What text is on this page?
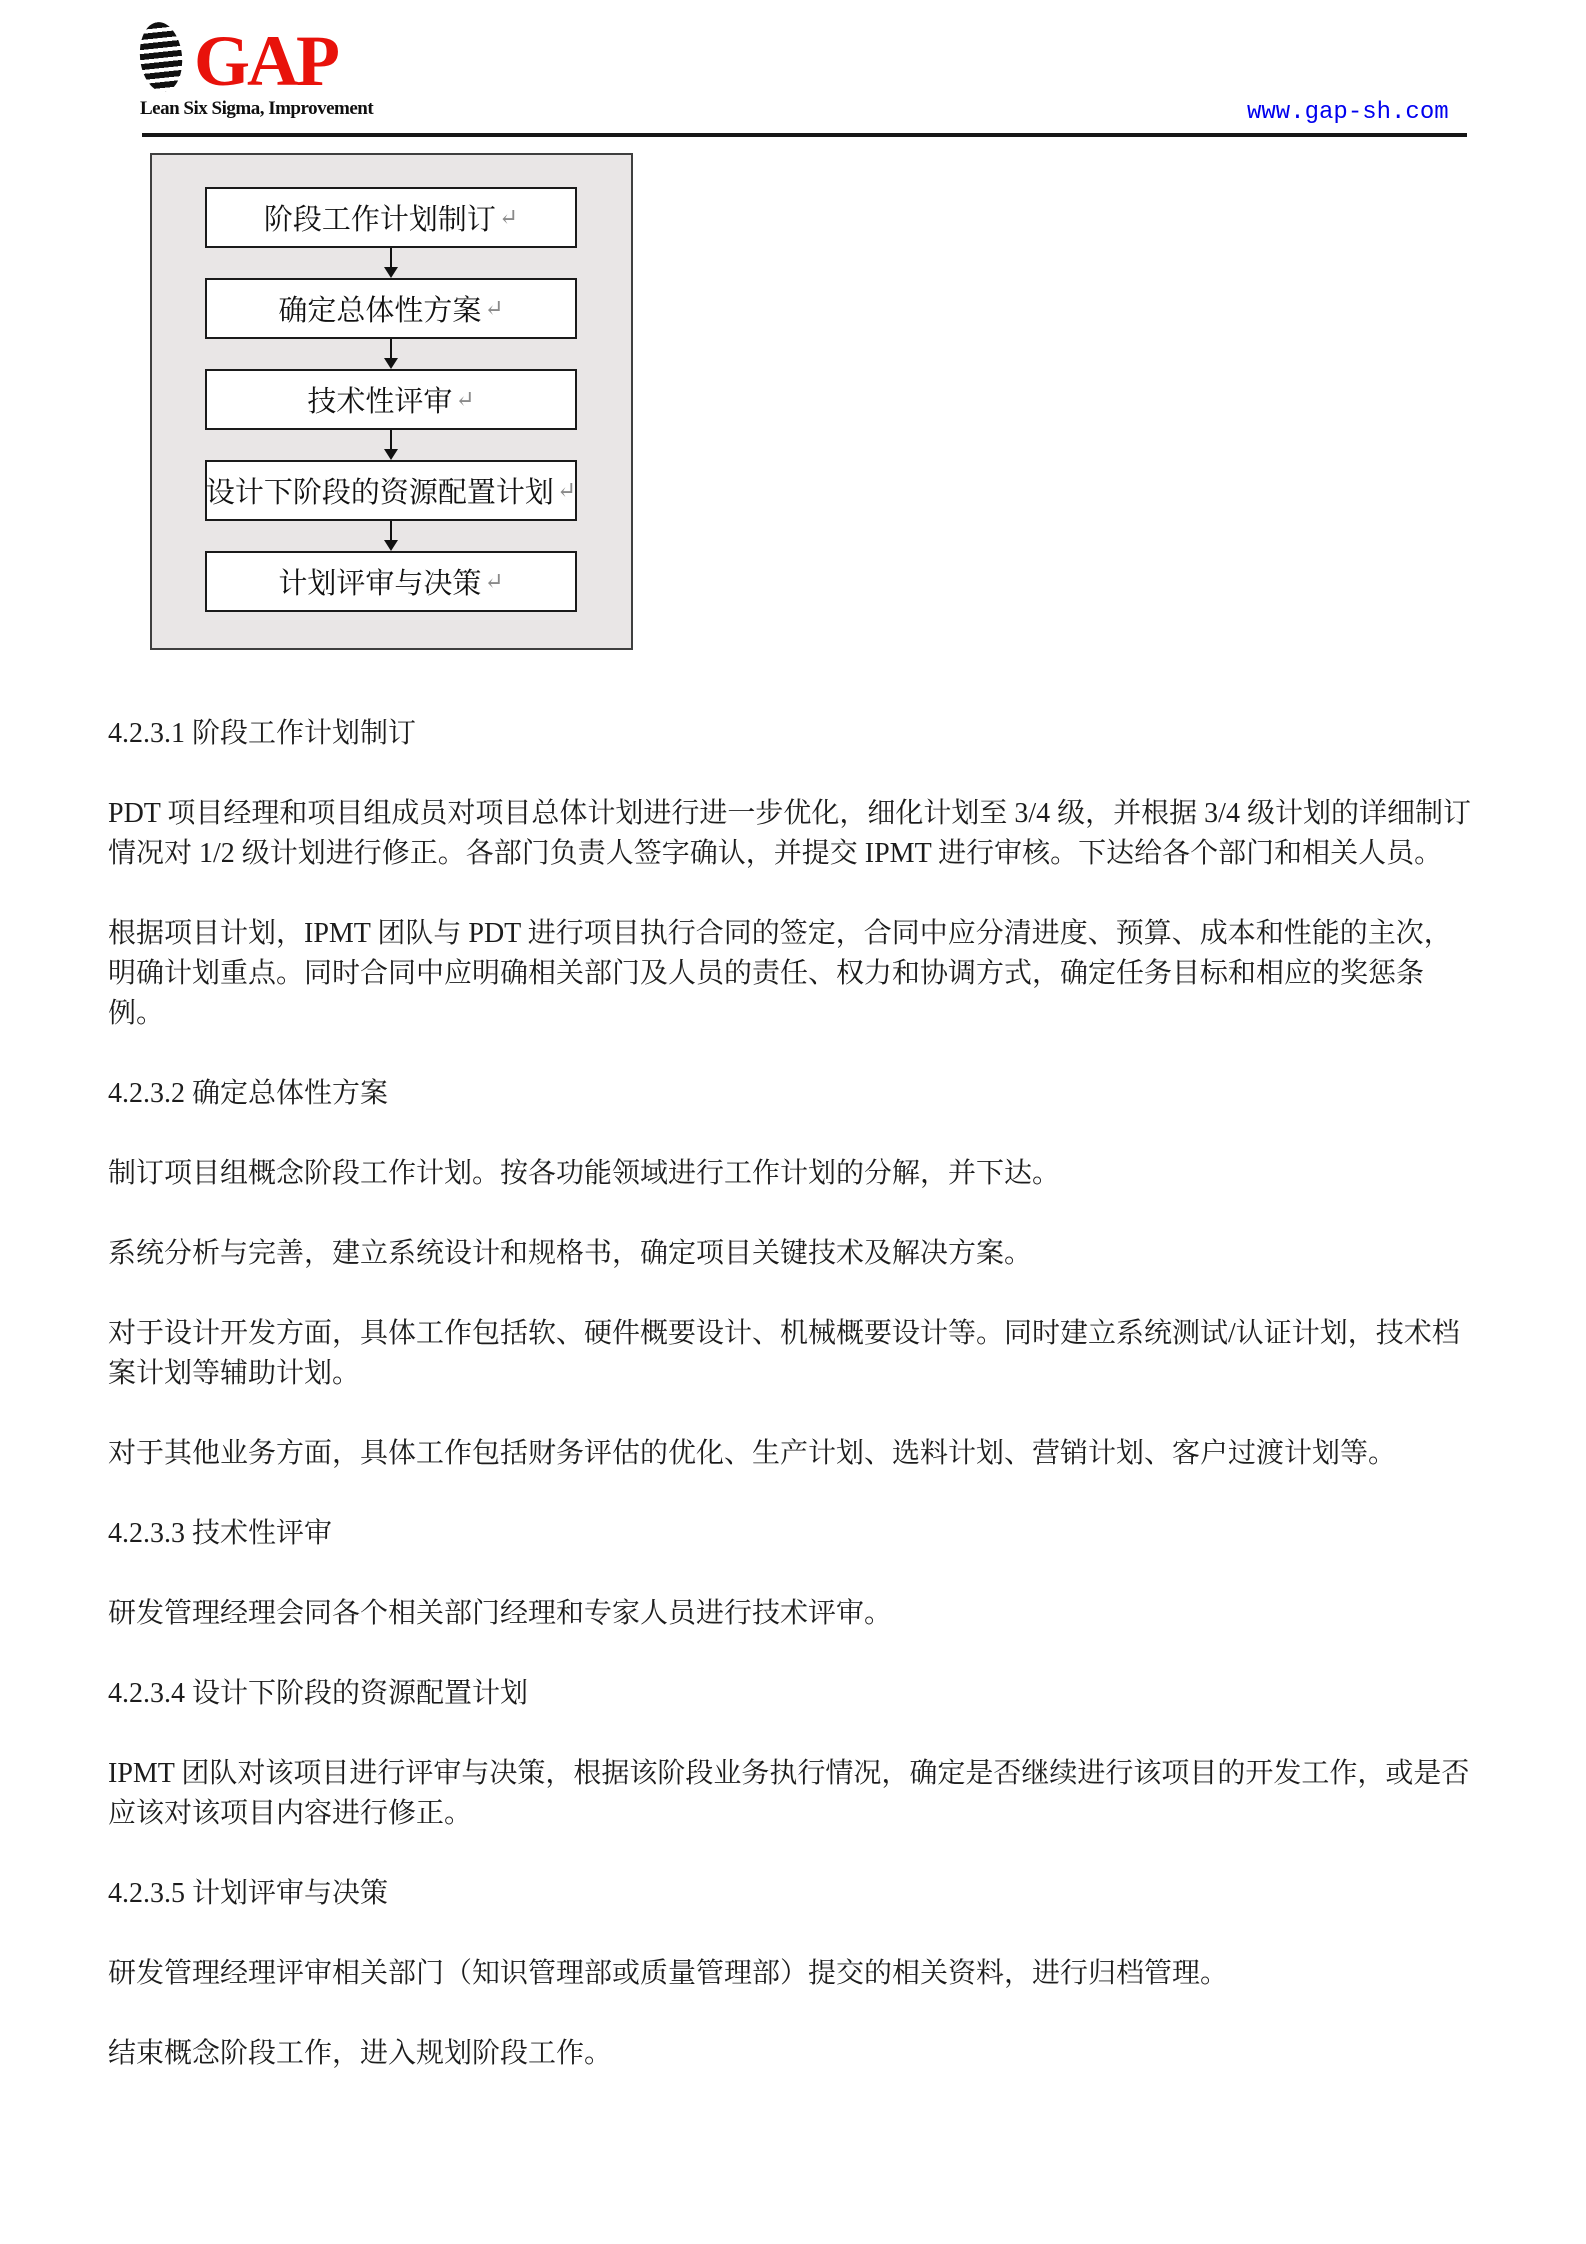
GAP
Lean Six Sigma, Improvement	www.gap-sh.com
阶段工作计划制订 ↵
确定总体性方案 ↵
技术性评审 ↵
设计下阶段的资源配置计划 ↵
计划评审与决策 ↵
4.2.3.1 阶段工作计划制订

PDT 项目经理和项目组成员对项目总体计划进行进一步优化，细化计划至 3/4 级，并根据 3/4 级计划的详细制订情况对 1/2 级计划进行修正。各部门负责人签字确认，并提交 IPMT 进行审核。下达给各个部门和相关人员。

根据项目计划，IPMT 团队与 PDT 进行项目执行合同的签定，合同中应分清进度、预算、成本和性能的主次，明确计划重点。同时合同中应明确相关部门及人员的责任、权力和协调方式，确定任务目标和相应的奖惩条例。

4.2.3.2 确定总体性方案

制订项目组概念阶段工作计划。按各功能领域进行工作计划的分解，并下达。

系统分析与完善，建立系统设计和规格书，确定项目关键技术及解决方案。

对于设计开发方面，具体工作包括软、硬件概要设计、机械概要设计等。同时建立系统测试/认证计划，技术档案计划等辅助计划。

对于其他业务方面，具体工作包括财务评估的优化、生产计划、选料计划、营销计划、客户过渡计划等。

4.2.3.3 技术性评审

研发管理经理会同各个相关部门经理和专家人员进行技术评审。

4.2.3.4 设计下阶段的资源配置计划

IPMT 团队对该项目进行评审与决策，根据该阶段业务执行情况，确定是否继续进行该项目的开发工作，或是否应该对该项目内容进行修正。

4.2.3.5 计划评审与决策

研发管理经理评审相关部门（知识管理部或质量管理部）提交的相关资料，进行归档管理。

结束概念阶段工作，进入规划阶段工作。
